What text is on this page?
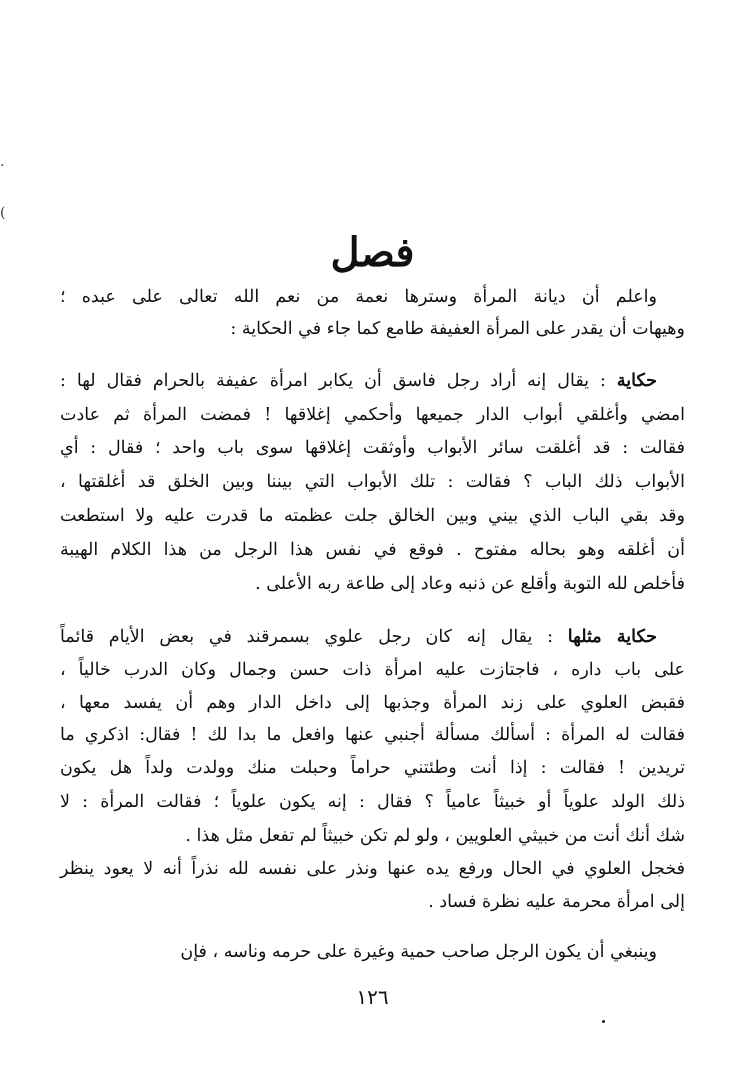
فصل
واعلم أن ديانة المرأة وسترها نعمة من نعم الله تعالى على عبده ؛
وهيهات أن يقدر على المرأة العفيفة طامع كما جاء في الحكاية :
حكاية : يقال إنه أراد رجل فاسق أن يكابر امرأة عفيفة بالحرام فقال لها :
امضي وأغلقي أبواب الدار جميعها وأحكمي إغلاقها ! فمضت المرأة ثم عادت
فقالت : قد أغلقت سائر الأبواب وأوثقت إغلاقها سوى باب واحد ؛ فقال : أي
الأبواب ذلك الباب ؟ فقالت : تلك الأبواب التي بيننا وبين الخلق قد أغلقتها ،
وقد بقي الباب الذي بيني وبين الخالق جلت عظمته ما قدرت عليه ولا استطعت
أن أغلقه وهو بحاله مفتوح . فوقع في نفس هذا الرجل من هذا الكلام الهيبة
فأخلص لله التوبة وأقلع عن ذنبه وعاد إلى طاعة ربه الأعلى .
حكاية مثلها : يقال إنه كان رجل علوي بسمرقند في بعض الأيام قائماً
على باب داره ، فاجتازت عليه امرأة ذات حسن وجمال وكان الدرب خالياً ،
فقبض العلوي على زند المرأة وجذبها إلى داخل الدار وهم أن يفسد معها ،
فقالت له المرأة : أسألك مسألة أجنبي عنها وافعل ما بدا لك ! فقال: اذكري ما
تريدين ! فقالت : إذا أنت وطئتني حراماً وحبلت منك وولدت ولداً هل يكون
ذلك الولد علوياً أو خبيثاً عامياً ؟ فقال : إنه يكون علوياً ؛ فقالت المرأة : لا
شك أنك أنت من خبيثي العلويين ، ولو لم تكن خبيثاً لم تفعل مثل هذا .
فخجل العلوي في الحال ورفع يده عنها ونذر على نفسه لله نذراً أنه لا يعود ينظر
إلى امرأة محرمة عليه نظرة فساد .
وينبغي أن يكون الرجل صاحب حمية وغيرة على حرمه وناسه ، فإن
١٢٦
·
(
